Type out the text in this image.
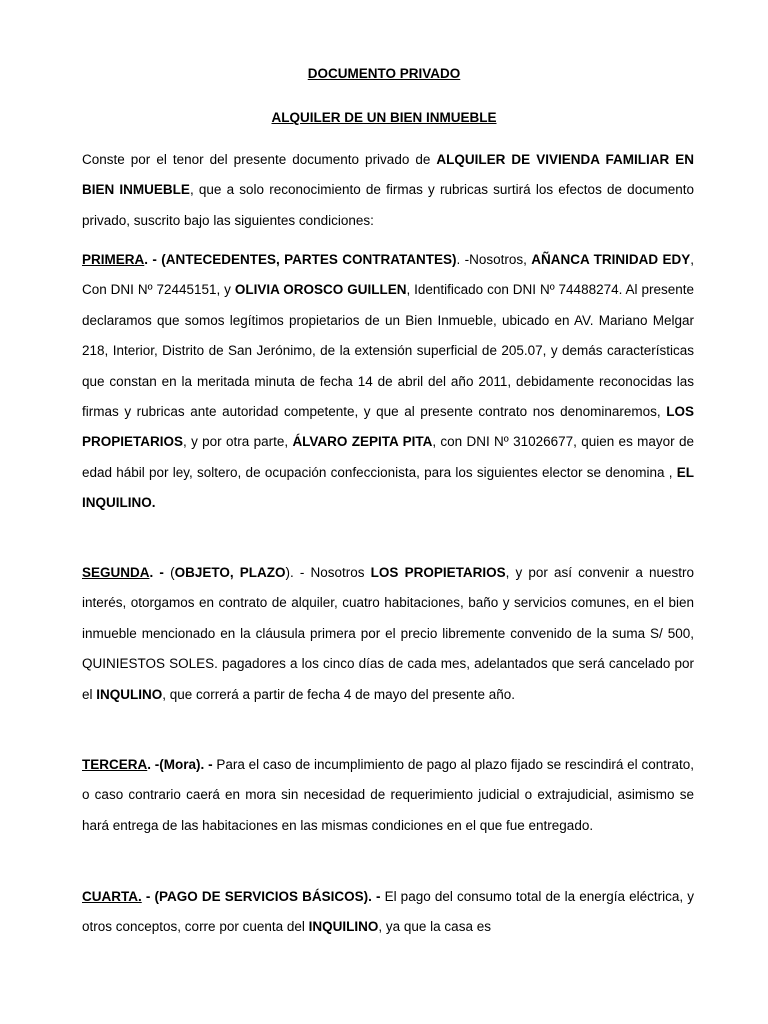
DOCUMENTO PRIVADO

ALQUILER DE UN BIEN INMUEBLE

Conste por el tenor del presente documento privado de ALQUILER DE VIVIENDA FAMILIAR EN BIEN INMUEBLE, que a solo reconocimiento de firmas y rubricas surtirá los efectos de documento privado, suscrito bajo las siguientes condiciones:

PRIMERA. - (ANTECEDENTES, PARTES CONTRATANTES). -Nosotros, AÑANCA TRINIDAD EDY, Con DNI Nº 72445151, y OLIVIA OROSCO GUILLEN, Identificado con DNI Nº 74488274. Al presente declaramos que somos legítimos propietarios de un Bien Inmueble, ubicado en AV. Mariano Melgar 218, Interior, Distrito de San Jerónimo, de la extensión superficial de 205.07, y demás características que constan en la meritada minuta de fecha 14 de abril del año 2011, debidamente reconocidas las firmas y rubricas ante autoridad competente, y que al presente contrato nos denominaremos, LOS PROPIETARIOS, y por otra parte, ÁLVARO ZEPITA PITA, con DNI Nº 31026677, quien es mayor de edad hábil por ley, soltero, de ocupación confeccionista, para los siguientes elector se denomina , EL INQUILINO.

SEGUNDA. - (OBJETO, PLAZO). - Nosotros LOS PROPIETARIOS, y por así convenir a nuestro interés, otorgamos en contrato de alquiler, cuatro habitaciones, baño y servicios comunes, en el bien inmueble mencionado en la cláusula primera por el precio libremente convenido de la suma S/ 500, QUINIESTOS SOLES. pagadores a los cinco días de cada mes, adelantados que será cancelado por el INQULINO, que correrá a partir de fecha 4 de mayo del presente año.

TERCERA. -(Mora). - Para el caso de incumplimiento de pago al plazo fijado se rescindirá el contrato, o caso contrario caerá en mora sin necesidad de requerimiento judicial o extrajudicial, asimismo se hará entrega de las habitaciones en las mismas condiciones en el que fue entregado.

CUARTA. - (PAGO DE SERVICIOS BÁSICOS). - El pago del consumo total de la energía eléctrica, y otros conceptos, corre por cuenta del INQUILINO, ya que la casa es
